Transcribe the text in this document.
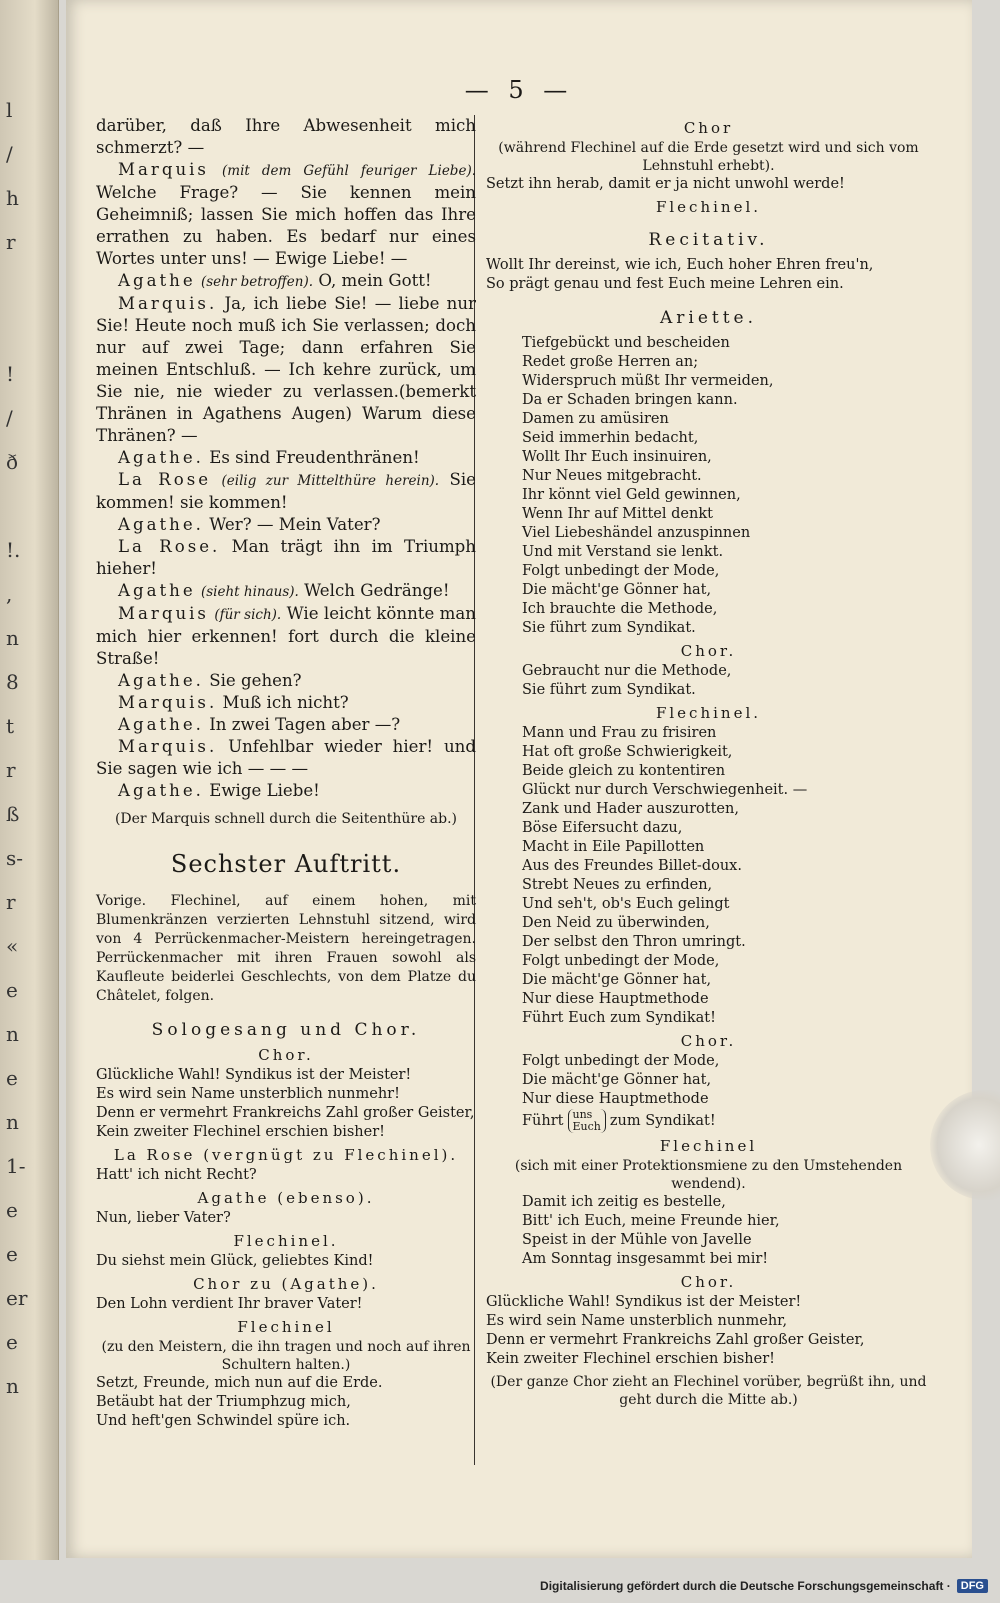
l
/
h
r
!
/
ð
!.
,
n
8
t
r
ß
s-
r
«
e
n
e
n
1-
e
e
er
e
n
— 5 —

darüber, daß Ihre Abwesenheit mich schmerzt? —

Marquis (mit dem Gefühl feuriger Liebe). Welche Frage? — Sie kennen mein Geheimniß; lassen Sie mich hoffen das Ihre errathen zu haben. Es bedarf nur eines Wortes unter uns! — Ewige Liebe! —

Agathe (sehr betroffen). O, mein Gott!

Marquis. Ja, ich liebe Sie! — liebe nur Sie! Heute noch muß ich Sie verlassen; doch nur auf zwei Tage; dann erfahren Sie meinen Entschluß. — Ich kehre zurück, um Sie nie, nie wieder zu verlassen.(bemerkt Thränen in Agathens Augen) Warum diese Thränen? —

Agathe. Es sind Freudenthränen!

La Rose (eilig zur Mittelthüre herein). Sie kommen! sie kommen!

Agathe. Wer? — Mein Vater?

La Rose. Man trägt ihn im Triumph hieher!

Agathe (sieht hinaus). Welch Gedränge!

Marquis (für sich). Wie leicht könnte man mich hier erkennen! fort durch die kleine Straße!

Agathe. Sie gehen?

Marquis. Muß ich nicht?

Agathe. In zwei Tagen aber —?

Marquis. Unfehlbar wieder hier! und Sie sagen wie ich — — —

Agathe. Ewige Liebe!

(Der Marquis schnell durch die Seitenthüre ab.)

Sechster Auftritt.

Vorige. Flechinel, auf einem hohen, mit Blumenkränzen verzierten Lehnstuhl sitzend, wird von 4 Perrückenmacher-Meistern hereingetragen. Perrückenmacher mit ihren Frauen sowohl als Kaufleute beiderlei Geschlechts, von dem Platze du Châtelet, folgen.

Sologesang und Chor.
Chor.
Glückliche Wahl! Syndikus ist der Meister!
Es wird sein Name unsterblich nunmehr!
Denn er vermehrt Frankreichs Zahl großer Geister,
Kein zweiter Flechinel erschien bisher!
La Rose (vergnügt zu Flechinel).
Hatt' ich nicht Recht?
Agathe (ebenso).
Nun, lieber Vater?
Flechinel.
Du siehst mein Glück, geliebtes Kind!
Chor zu (Agathe).
Den Lohn verdient Ihr braver Vater!
Flechinel
(zu den Meistern, die ihn tragen und noch auf ihren Schultern halten.)
Setzt, Freunde, mich nun auf die Erde.
Betäubt hat der Triumphzug mich,
Und heft'gen Schwindel spüre ich.
Chor
(während Flechinel auf die Erde gesetzt wird und sich vom Lehnstuhl erhebt).
Setzt ihn herab, damit er ja nicht unwohl werde!
Flechinel.
Recitativ.
Wollt Ihr dereinst, wie ich, Euch hoher Ehren freu'n,
So prägt genau und fest Euch meine Lehren ein.
Ariette.
Tiefgebückt und bescheiden
Redet große Herren an;
Widerspruch müßt Ihr vermeiden,
Da er Schaden bringen kann.
Damen zu amüsiren
Seid immerhin bedacht,
Wollt Ihr Euch insinuiren,
Nur Neues mitgebracht.
Ihr könnt viel Geld gewinnen,
Wenn Ihr auf Mittel denkt
Viel Liebeshändel anzuspinnen
Und mit Verstand sie lenkt.
Folgt unbedingt der Mode,
Die mächt'ge Gönner hat,
Ich brauchte die Methode,
Sie führt zum Syndikat.
Chor.
Gebraucht nur die Methode,
Sie führt zum Syndikat.
Flechinel.
Mann und Frau zu frisiren
Hat oft große Schwierigkeit,
Beide gleich zu kontentiren
Glückt nur durch Verschwiegenheit. —
Zank und Hader auszurotten,
Böse Eifersucht dazu,
Macht in Eile Papillotten
Aus des Freundes Billet-doux.
Strebt Neues zu erfinden,
Und seh't, ob's Euch gelingt
Den Neid zu überwinden,
Der selbst den Thron umringt.
Folgt unbedingt der Mode,
Die mächt'ge Gönner hat,
Nur diese Hauptmethode
Führt Euch zum Syndikat!
Chor.
Folgt unbedingt der Mode,
Die mächt'ge Gönner hat,
Nur diese Hauptmethode
Führt uns
Euch zum Syndikat!
Flechinel
(sich mit einer Protektionsmiene zu den Umstehenden wendend).
Damit ich zeitig es bestelle,
Bitt' ich Euch, meine Freunde hier,
Speist in der Mühle von Javelle
Am Sonntag insgesammt bei mir!
Chor.
Glückliche Wahl! Syndikus ist der Meister!
Es wird sein Name unsterblich nunmehr,
Denn er vermehrt Frankreichs Zahl großer Geister,
Kein zweiter Flechinel erschien bisher!
(Der ganze Chor zieht an Flechinel vorüber, begrüßt ihn, und geht durch die Mitte ab.)
Digitalisierung gefördert durch die Deutsche Forschungsgemeinschaft · DFG
